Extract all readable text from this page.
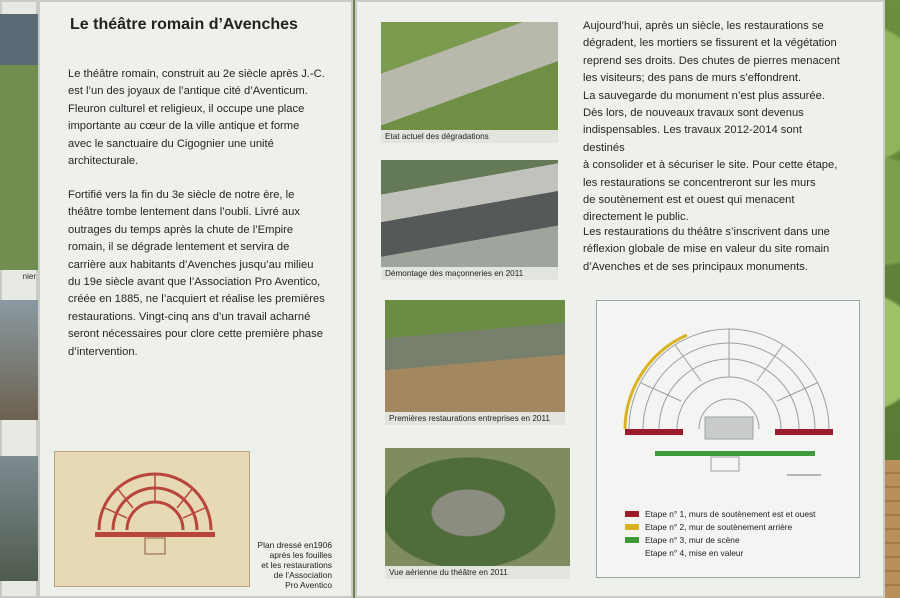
nier
Le théâtre romain d’Avenches
Le théâtre romain, construit au 2e siècle après J.-C.
est l’un des joyaux de l’antique cité d’Aventicum.
Fleuron culturel et religieux, il occupe une place
importante au cœur de la ville antique et forme
avec le sanctuaire du Cigognier une unité
architecturale.
Fortifié vers la fin du 3e siècle de notre ère, le
théâtre tombe lentement dans l’oubli. Livré aux
outrages du temps après la chute de l’Empire
romain, il se dégrade lentement et servira de
carrière aux habitants d’Avenches jusqu’au milieu
du 19e siècle avant que l’Association Pro Aventico,
créée en 1885, ne l’acquiert et réalise les premières
restaurations. Vingt-cinq ans d’un travail acharné
seront nécessaires pour clore cette première phase
d’intervention.
Plan dressé en1906
après les fouilles
et les restaurations
de l’Association
Pro Aventico
Etat actuel des dégradations
Démontage des maçonneries en 2011
Premières restaurations entreprises en 2011
Vue aérienne du théâtre en 2011
Aujourd’hui, après un siècle, les restaurations se
dégradent, les mortiers se fissurent et la végétation
reprend ses droits. Des chutes de pierres menacent
les visiteurs; des pans de murs s’effondrent.
La sauvegarde du monument n’est plus assurée.
Dès lors, de nouveaux travaux sont devenus
indispensables. Les travaux 2012-2014 sont destinés
à consolider et à sécuriser le site. Pour cette étape,
les restaurations se concentreront sur les murs
de soutènement est et ouest qui menacent
directement le public.
Les restaurations du théâtre s’inscrivent dans une
réflexion globale de mise en valeur du site romain
d’Avenches et de ses principaux monuments.
Etape n° 1, murs de soutènement est et ouest
Etape n° 2, mur de soutènement arrière
Etape n° 3, mur de scène
Etape n° 4, mise en valeur
